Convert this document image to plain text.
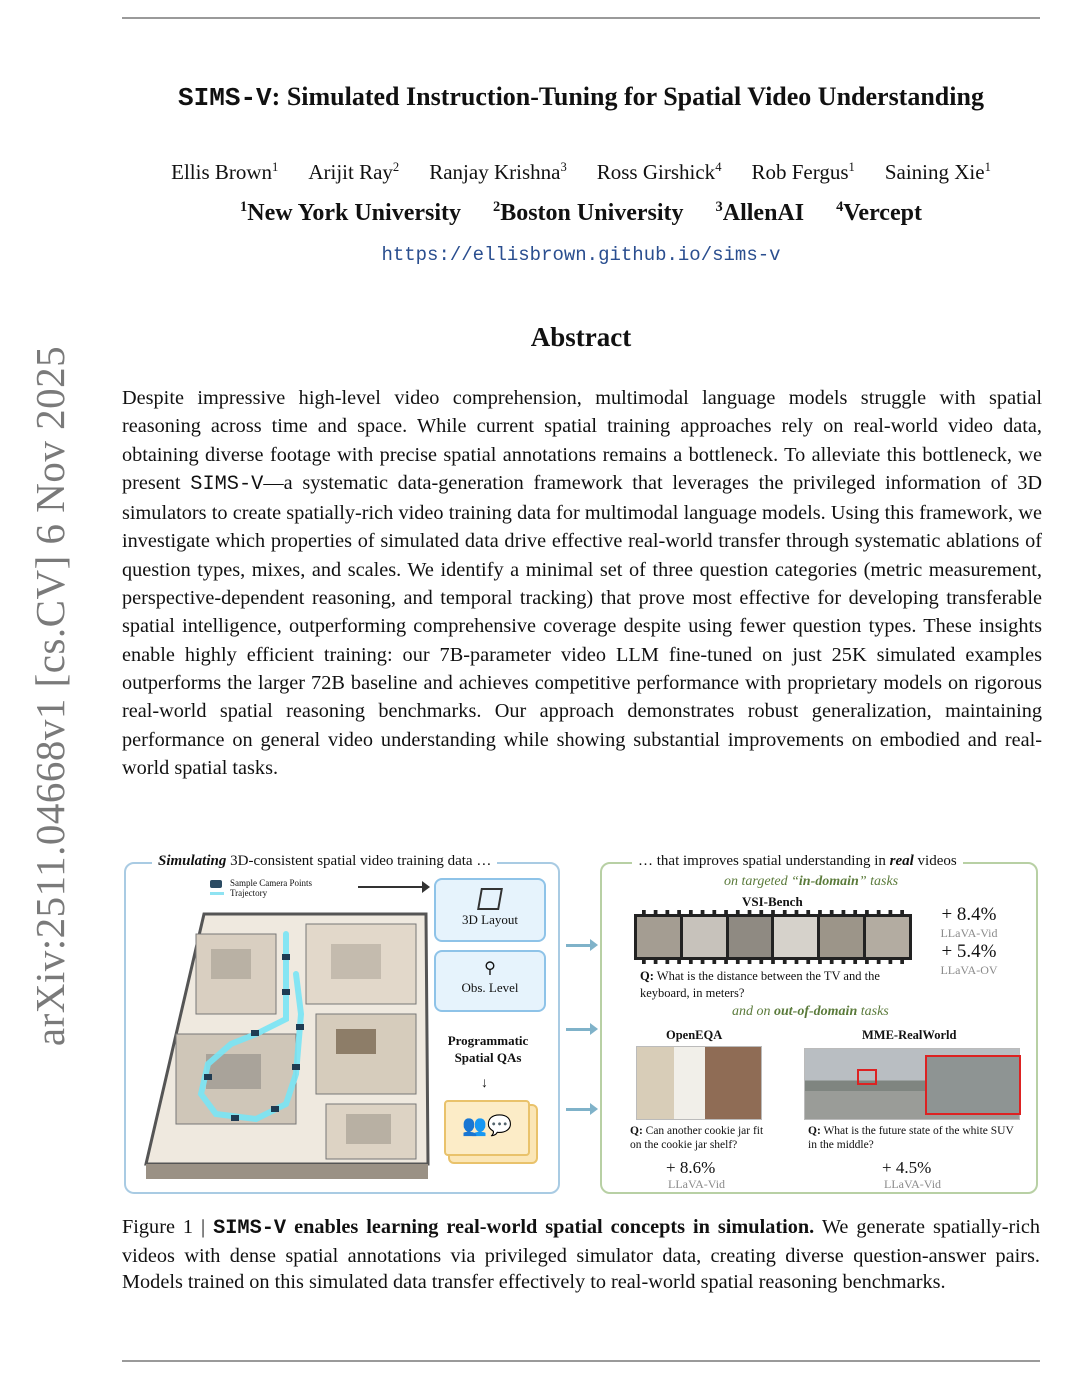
arXiv:2511.04668v1 [cs.CV] 6 Nov 2025
SIMS-V: Simulated Instruction-Tuning for Spatial Video Understanding
Ellis Brown$^1$ Arijit Ray$^2$ Ranjay Krishna$^3$ Ross Girshick$^4$ Rob Fergus$^1$ Saining Xie$^1$
$^1$New York University $^2$Boston University $^3$AllenAI $^4$Vercept
https://ellisbrown.github.io/sims-v
Abstract
Despite impressive high-level video comprehension, multimodal language models struggle with spatial reasoning across time and space. While current spatial training approaches rely on real-world video data, obtaining diverse footage with precise spatial annotations remains a bottleneck. To alleviate this bottleneck, we present SIMS-V—a systematic data-generation framework that leverages the privileged information of 3D simulators to create spatially-rich video training data for multimodal language models. Using this framework, we investigate which properties of simulated data drive effective real-world transfer through systematic ablations of question types, mixes, and scales. We identify a minimal set of three question categories (metric measurement, perspective-dependent reasoning, and temporal tracking) that prove most effective for developing transferable spatial intelligence, outperforming comprehensive coverage despite using fewer question types. These insights enable highly efficient training: our 7B-parameter video LLM fine-tuned on just 25K simulated examples outperforms the larger 72B baseline and achieves competitive performance with proprietary models on rigorous real-world spatial reasoning benchmarks. Our approach demonstrates robust generalization, maintaining performance on general video understanding while showing substantial improvements on embodied and real-world spatial tasks.
Simulating 3D-consistent spatial video training data …
Sample Camera Points
Trajectory
3D Layout
⚲
Obs. Level
Programmatic
Spatial QAs
↓
👥💬
… that improves spatial understanding in real videos
on targeted “in-domain” tasks
VSI-Bench
Q: What is the distance between the TV and the keyboard, in meters?
+ 8.4%
LLaVA-Vid
+ 5.4%
LLaVA-OV
and on out-of-domain tasks
OpenEQA
Q: Can another cookie jar fit on the cookie jar shelf?
+ 8.6%
LLaVA-Vid
MME-RealWorld
Q: What is the future state of the white SUV in the middle?
+ 4.5%
LLaVA-Vid
Figure 1 | SIMS-V enables learning real-world spatial concepts in simulation. We generate spatially-rich videos with dense spatial annotations via privileged simulator data, creating diverse question-answer pairs. Models trained on this simulated data transfer effectively to real-world spatial reasoning benchmarks.
